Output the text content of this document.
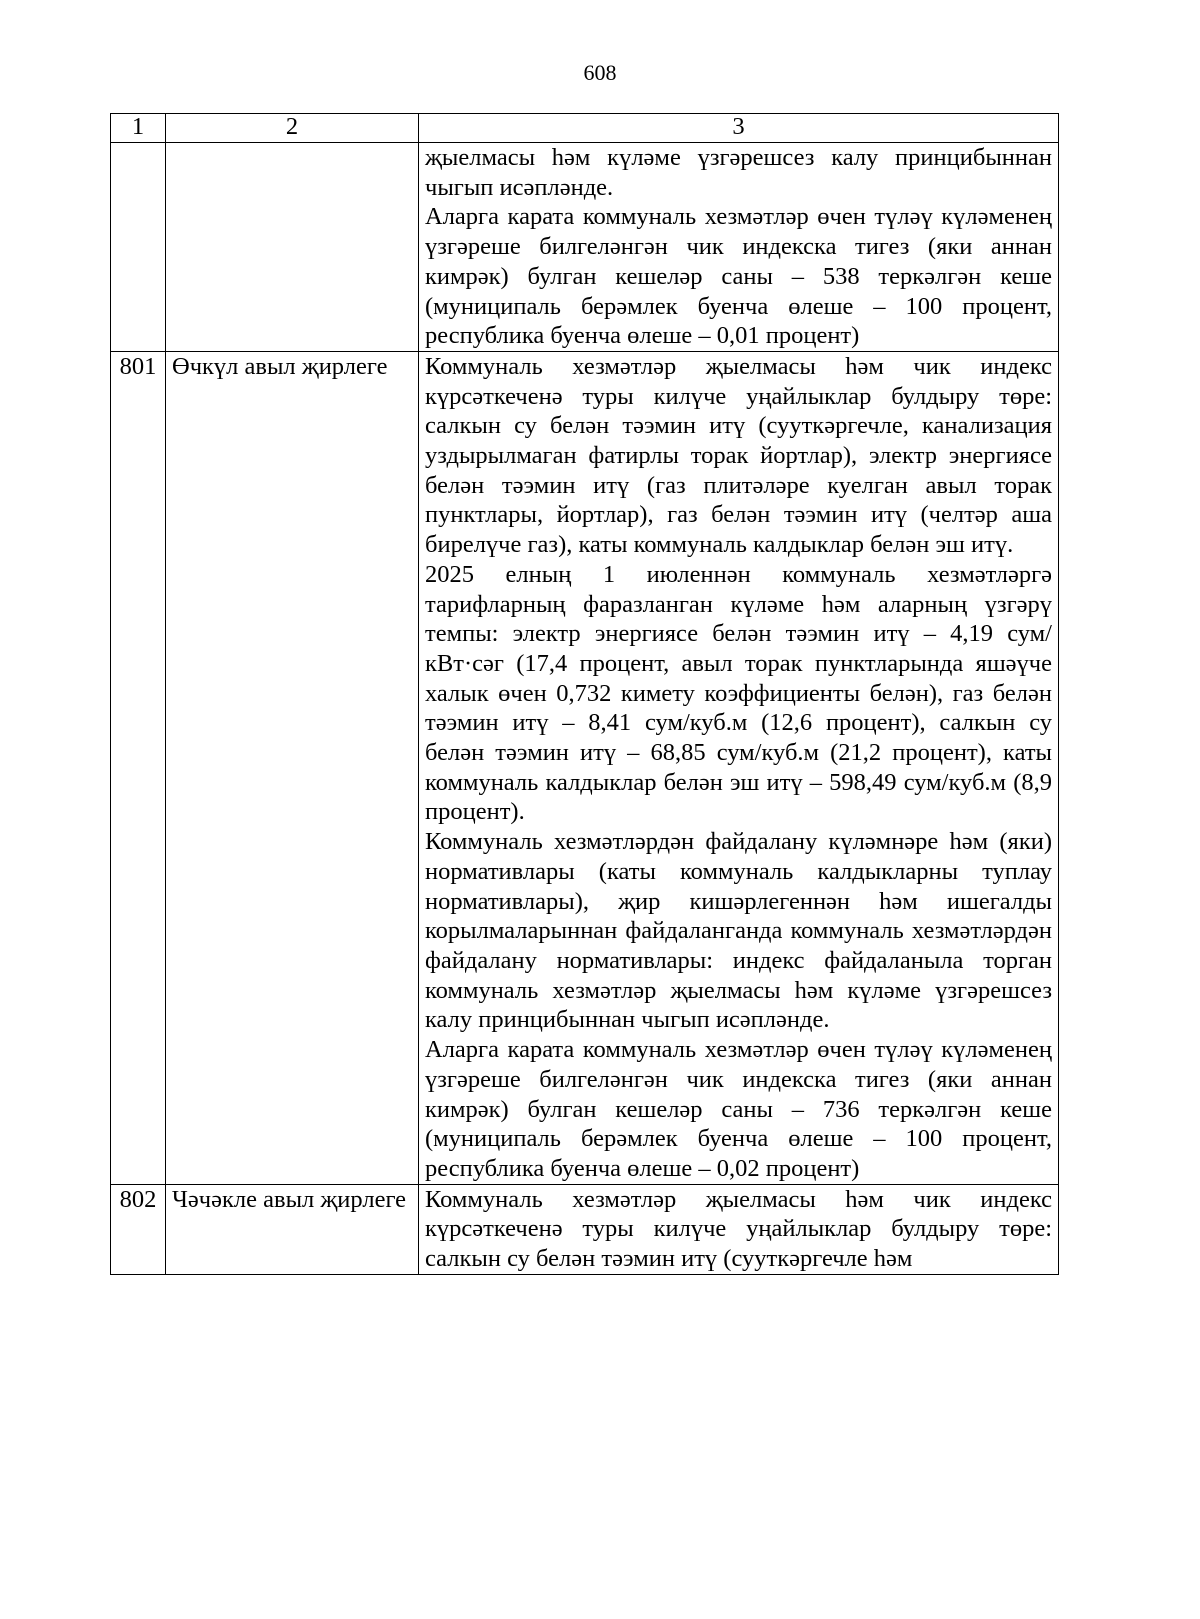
608
1	2	3

		җыелмасы һәм күләме үзгәрешсез калу принцибыннан чыгып исәпләнде.

Аларга карата коммуналь хезмәтләр өчен түләү күләменең үзгәреше билгеләнгән чик индекска тигез (яки аннан кимрәк) булган кешеләр саны – 538 теркәлгән кеше (муниципаль берәмлек буенча өлеше – 100 процент, республика буенча өлеше – 0,01 процент)

801	Өчкүл авыл җирлеге	Коммуналь хезмәтләр җыелмасы һәм чик индекс күрсәткеченә туры килүче уңайлыклар булдыру төре: салкын су белән тәэмин итү (сууткәргечле, канализация уздырылмаган фатирлы торак йортлар), электр энергиясе белән тәэмин итү (газ плитәләре куелган авыл торак пунктлары, йортлар), газ белән тәэмин итү (челтәр аша бирелүче газ), каты коммуналь калдыклар белән эш итү.

2025 елның 1 июленнән коммуналь хезмәтләргә тарифларның фаразланган күләме һәм аларның үзгәрү темпы: электр энергиясе белән тәэмин итү – 4,19 сум/кВт·сәг (17,4 процент, авыл торак пунктларында яшәүче халык өчен 0,732 кимету коэффициенты белән), газ белән тәэмин итү – 8,41 сум/куб.м (12,6 процент), салкын су белән тәэмин итү – 68,85 сум/куб.м (21,2 процент), каты коммуналь калдыклар белән эш итү – 598,49 сум/куб.м (8,9 процент).

Коммуналь хезмәтләрдән файдалану күләмнәре һәм (яки) нормативлары (каты коммуналь калдыкларны туплау нормативлары), җир кишәрлегеннән һәм ишегалды корылмаларыннан файдаланганда коммуналь хезмәтләрдән файдалану нормативлары: индекс файдаланыла торган коммуналь хезмәтләр җыелмасы һәм күләме үзгәрешсез калу принцибыннан чыгып исәпләнде.

Аларга карата коммуналь хезмәтләр өчен түләү күләменең үзгәреше билгеләнгән чик индекска тигез (яки аннан кимрәк) булган кешеләр саны – 736 теркәлгән кеше (муниципаль берәмлек буенча өлеше – 100 процент, республика буенча өлеше – 0,02 процент)

802	Чәчәкле авыл җирлеге	Коммуналь хезмәтләр җыелмасы һәм чик индекс күрсәткеченә туры килүче уңайлыклар булдыру төре: салкын су белән тәэмин итү (сууткәргечле һәм
